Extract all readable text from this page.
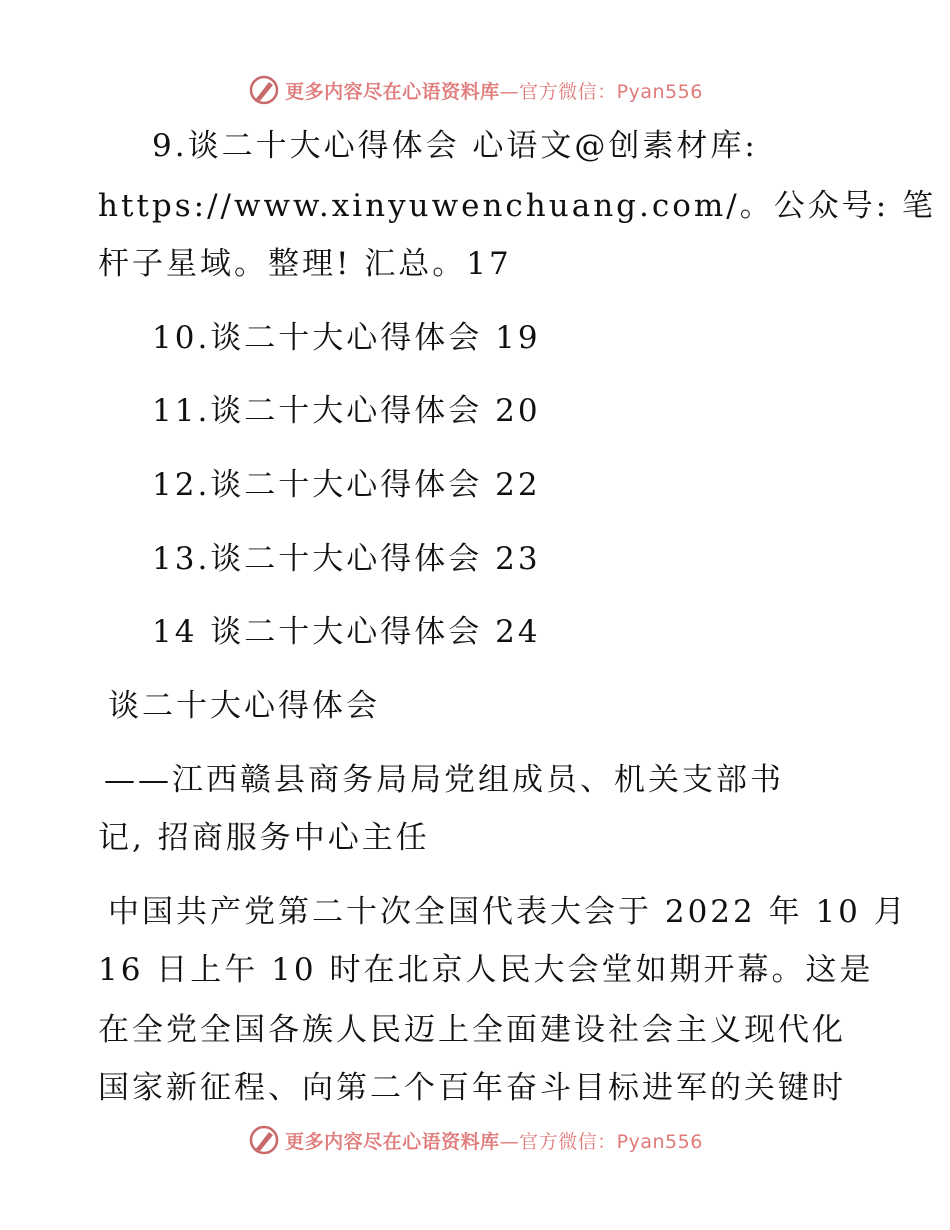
更多内容尽在心语资料库—官方微信：Pyan556
9.谈二十大心得体会 心语文@创素材库:
https://www.xinyuwenchuang.com/。公众号: 笔
杆子星域。整理! 汇总。17
10.谈二十大心得体会 19
11.谈二十大心得体会 20
12.谈二十大心得体会 22
13.谈二十大心得体会 23
14 谈二十大心得体会 24
谈二十大心得体会
——江西赣县商务局局党组成员、机关支部书
记, 招商服务中心主任
中国共产党第二十次全国代表大会于 2022 年 10 月
16 日上午 10 时在北京人民大会堂如期开幕。这是
在全党全国各族人民迈上全面建设社会主义现代化
国家新征程、向第二个百年奋斗目标进军的关键时
更多内容尽在心语资料库—官方微信：Pyan556
